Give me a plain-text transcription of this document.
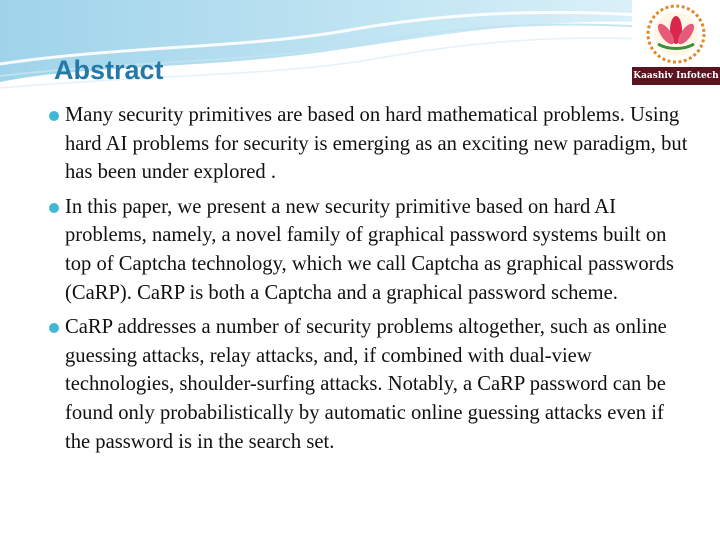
Kaashiv Infotech
Abstract
Many security primitives are based on hard mathematical problems. Using hard AI problems for security is emerging as an exciting new paradigm, but has been under explored .
In this paper, we present a new security primitive based on hard AI problems, namely, a novel family of graphical password systems built on top of Captcha technology, which we call Captcha as graphical passwords (CaRP). CaRP is both a Captcha and a graphical password scheme.
CaRP addresses a number of security problems altogether, such as online guessing attacks, relay attacks, and, if combined with dual-view technologies, shoulder-surfing attacks. Notably, a CaRP password can be found only probabilistically by automatic online guessing attacks even if the password is in the search set.
